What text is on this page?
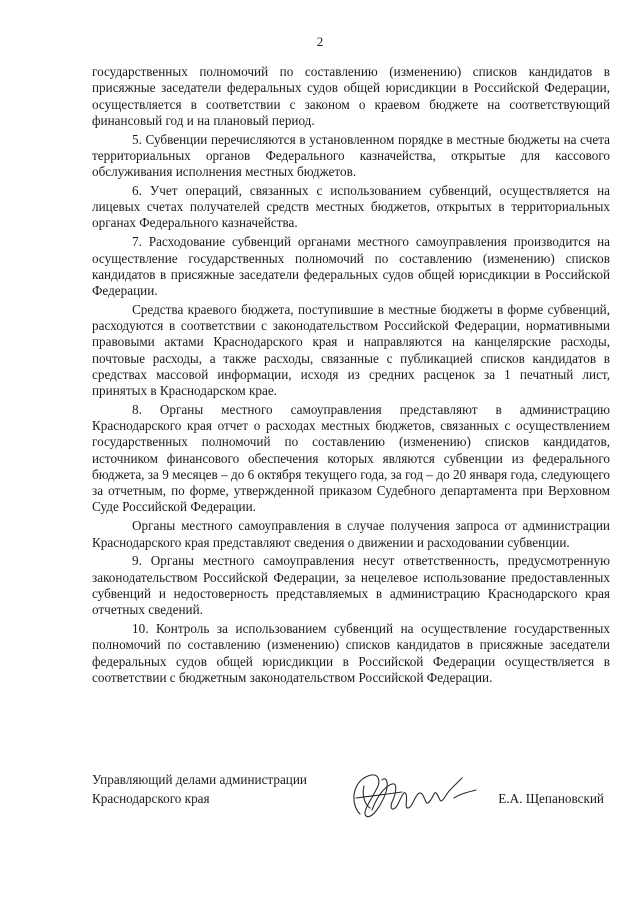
2

государственных полномочий по составлению (изменению) списков кандидатов в присяжные заседатели федеральных судов общей юрисдикции в Российской Федерации, осуществляется в соответствии с законом о краевом бюджете на соответствующий финансовый год и на плановый период.

5. Субвенции перечисляются в установленном порядке в местные бюджеты на счета территориальных органов Федерального казначейства, открытые для кассового обслуживания исполнения местных бюджетов.

6. Учет операций, связанных с использованием субвенций, осуществляется на лицевых счетах получателей средств местных бюджетов, открытых в территориальных органах Федерального казначейства.

7. Расходование субвенций органами местного самоуправления производится на осуществление государственных полномочий по составлению (изменению) списков кандидатов в присяжные заседатели федеральных судов общей юрисдикции в Российской Федерации.

Средства краевого бюджета, поступившие в местные бюджеты в форме субвенций, расходуются в соответствии с законодательством Российской Федерации, нормативными правовыми актами Краснодарского края и направляются на канцелярские расходы, почтовые расходы, а также расходы, связанные с публикацией списков кандидатов в средствах массовой информации, исходя из средних расценок за 1 печатный лист, принятых в Краснодарском крае.

8. Органы местного самоуправления представляют в администрацию Краснодарского края отчет о расходах местных бюджетов, связанных с осуществлением государственных полномочий по составлению (изменению) списков кандидатов, источником финансового обеспечения которых являются субвенции из федерального бюджета, за 9 месяцев – до 6 октября текущего года, за год – до 20 января года, следующего за отчетным, по форме, утвержденной приказом Судебного департамента при Верховном Суде Российской Федерации.

Органы местного самоуправления в случае получения запроса от администрации Краснодарского края представляют сведения о движении и расходовании субвенции.

9. Органы местного самоуправления несут ответственность, предусмотренную законодательством Российской Федерации, за нецелевое использование предоставленных субвенций и недостоверность представляемых в администрацию Краснодарского края отчетных сведений.

10. Контроль за использованием субвенций на осуществление государственных полномочий по составлению (изменению) списков кандидатов в присяжные заседатели федеральных судов общей юрисдикции в Российской Федерации осуществляется в соответствии с бюджетным законодательством Российской Федерации.

Управляющий делами администрации
Краснодарского края	Е.А. Щепановский
